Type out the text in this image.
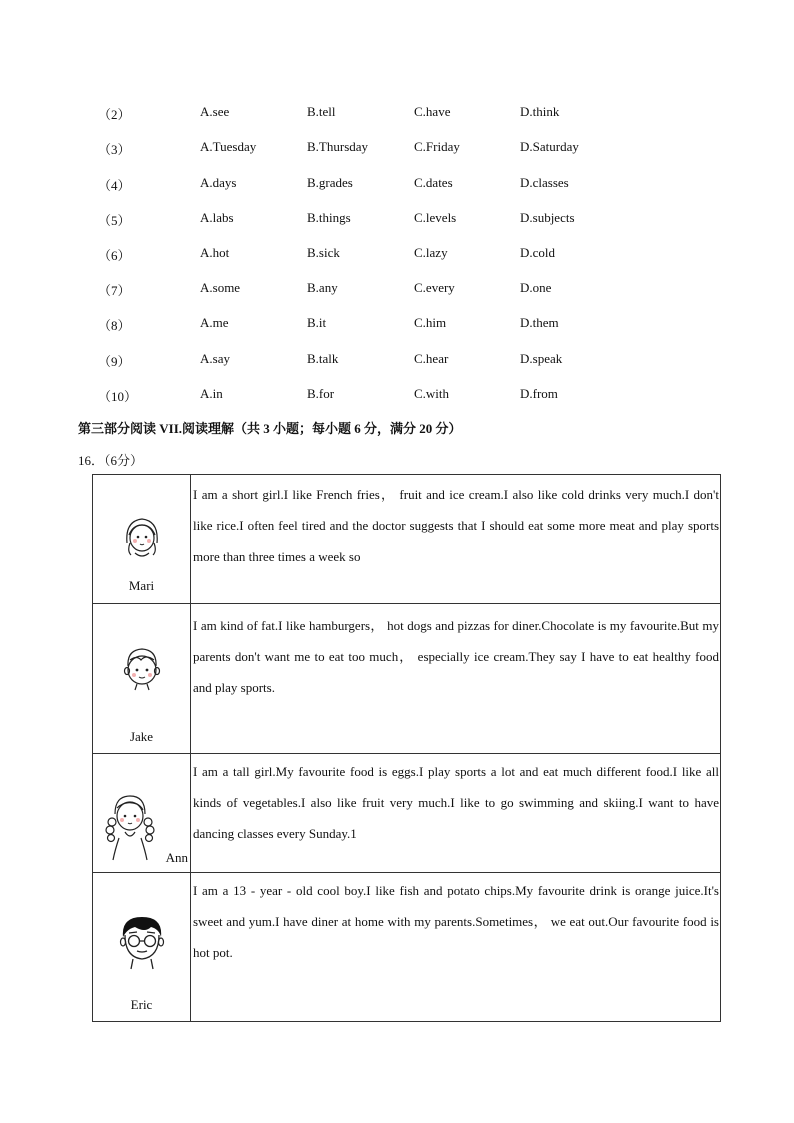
（2）	A.see	B.tell	C.have	D.think
（3）	A.Tuesday	B.Thursday	C.Friday	D.Saturday
（4）	A.days	B.grades	C.dates	D.classes
（5）	A.labs	B.things	C.levels	D.subjects
（6）	A.hot	B.sick	C.lazy	D.cold
（7）	A.some	B.any	C.every	D.one
（8）	A.me	B.it	C.him	D.them
（9）	A.say	B.talk	C.hear	D.speak
（10）	A.in	B.for	C.with	D.from
第三部分阅读 VII.阅读理解（共 3 小题；每小题 6 分，满分 20 分）
16．（6分）
Mari	I am a short girl.I like French fries， fruit and ice cream.I also like cold drinks very much.I don't like rice.I often feel tired and the doctor suggests that I should eat some more meat and play sports more than three times a week so

Jake	I am kind of fat.I like hamburgers， hot dogs and pizzas for diner.Chocolate is my favourite.But my parents don't want me to eat too much， especially ice cream.They say I have to eat healthy food and play sports.

Ann	I am a tall girl.My favourite food is eggs.I play sports a lot and eat much different food.I like all kinds of vegetables.I also like fruit very much.I like to go swimming and skiing.I want to have dancing classes every Sunday.1

Eric	I am a 13 - year - old cool boy.I like fish and potato chips.My favourite drink is orange juice.It's sweet and yum.I have diner at home with my parents.Sometimes， we eat out.Our favourite food is hot pot.
